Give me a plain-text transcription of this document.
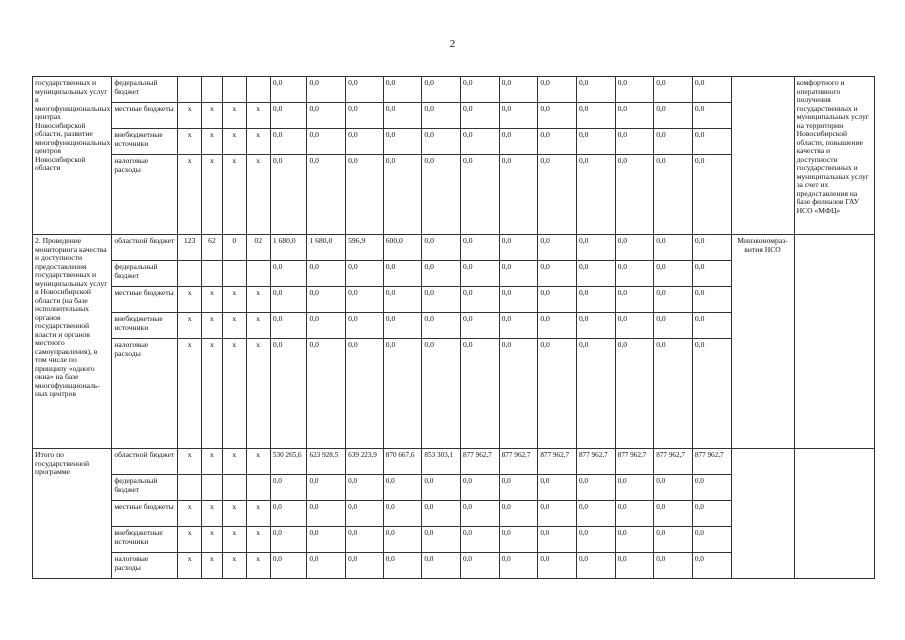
2
государственных и муниципальных услуг в многофункциональных центрах Новосибирской области, развитие многофункциональных центров Новосибирской области	федеральный бюджет					0,0	0,0	0,0	0,0	0,0	0,0	0,0	0,0	0,0	0,0	0,0	0,0		комфортного и оперативного получения государственных и муниципальных услуг на территории Новосибирской области, повышение качества и доступности государственных и муниципальных услуг за счет их предоставления на базе филиалов ГАУ НСО «МФЦ»
	местные бюджеты	x	x	x	x	0,0	0,0	0,0	0,0	0,0	0,0	0,0	0,0	0,0	0,0	0,0	0,0		
	внебюджетные источники	x	x	x	x	0,0	0,0	0,0	0,0	0,0	0,0	0,0	0,0	0,0	0,0	0,0	0,0		
	налоговые расходы	x	x	x	x	0,0	0,0	0,0	0,0	0,0	0,0	0,0	0,0	0,0	0,0	0,0	0,0		
2. Проведение мониторинга качества и доступности предоставления государственных и муниципальных услуг в Новосибирской области (на базе исполнительных органов государственной власти и органов местного самоуправления), в том числе по принципу «одного окна» на базе многофункциональ-ных центров	областной бюджет	123	62	0	02	1 680,0	1 680,0	596,9	600,0	0,0	0,0	0,0	0,0	0,0	0,0	0,0	0,0	Минэкономраз-вития НСО	
	федеральный бюджет					0,0	0,0	0,0	0,0	0,0	0,0	0,0	0,0	0,0	0,0	0,0	0,0		
	местные бюджеты	x	x	x	x	0,0	0,0	0,0	0,0	0,0	0,0	0,0	0,0	0,0	0,0	0,0	0,0		
	внебюджетные источники	x	x	x	x	0,0	0,0	0,0	0,0	0,0	0,0	0,0	0,0	0,0	0,0	0,0	0,0		
	налоговые расходы	x	x	x	x	0,0	0,0	0,0	0,0	0,0	0,0	0,0	0,0	0,0	0,0	0,0	0,0		
Итого по государственной программе	областной бюджет	x	x	x	x	530 265,6	623 928,5	639 223,9	870 667,6	853 303,1	877 962,7	877 962,7	877 962,7	877 962,7	877 962,7	877 962,7	877 962,7		
	федеральный бюджет					0,0	0,0	0,0	0,0	0,0	0,0	0,0	0,0	0,0	0,0	0,0	0,0		
	местные бюджеты	x	x	x	x	0,0	0,0	0,0	0,0	0,0	0,0	0,0	0,0	0,0	0,0	0,0	0,0		
	внебюджетные источники	x	x	x	x	0,0	0,0	0,0	0,0	0,0	0,0	0,0	0,0	0,0	0,0	0,0	0,0		
	налоговые расходы	x	x	x	x	0,0	0,0	0,0	0,0	0,0	0,0	0,0	0,0	0,0	0,0	0,0	0,0		
